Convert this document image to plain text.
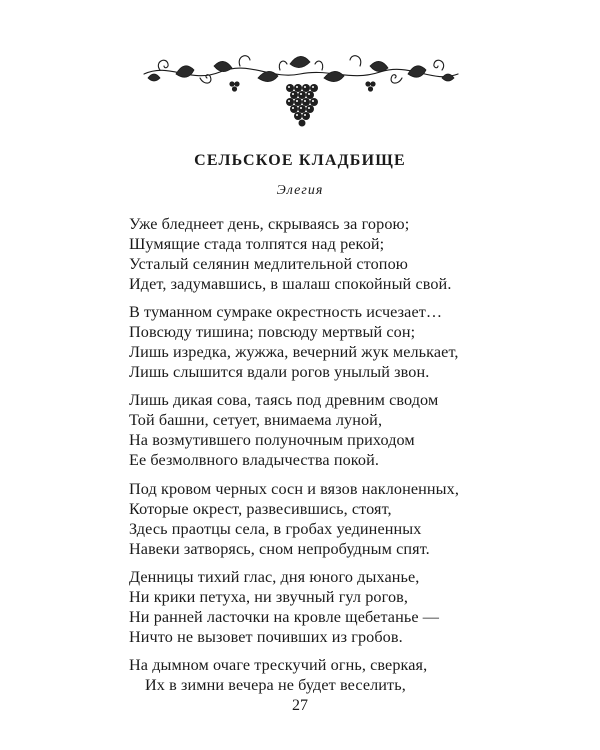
СЕЛЬСКОЕ КЛАДБИЩЕ
Элегия
Уже бледнеет день, скрываясь за горою;
Шумящие стада толпятся над рекой;
Усталый селянин медлительной стопою
Идет, задумавшись, в шалаш спокойный свой.
В туманном сумраке окрестность исчезает…
Повсюду тишина; повсюду мертвый сон;
Лишь изредка, жужжа, вечерний жук мелькает,
Лишь слышится вдали рогов унылый звон.
Лишь дикая сова, таясь под древним сводом
Той башни, сетует, внимаема луной,
На возмутившего полуночным приходом
Ее безмолвного владычества покой.
Под кровом черных сосн и вязов наклоненных,
Которые окрест, развесившись, стоят,
Здесь праотцы села, в гробах уединенных
Навеки затворясь, сном непробудным спят.
Денницы тихий глас, дня юного дыханье,
Ни крики петуха, ни звучный гул рогов,
Ни ранней ласточки на кровле щебетанье —
Ничто не вызовет почивших из гробов.
На дымном очаге трескучий огнь, сверкая,
Их в зимни вечера не будет веселить,
27
